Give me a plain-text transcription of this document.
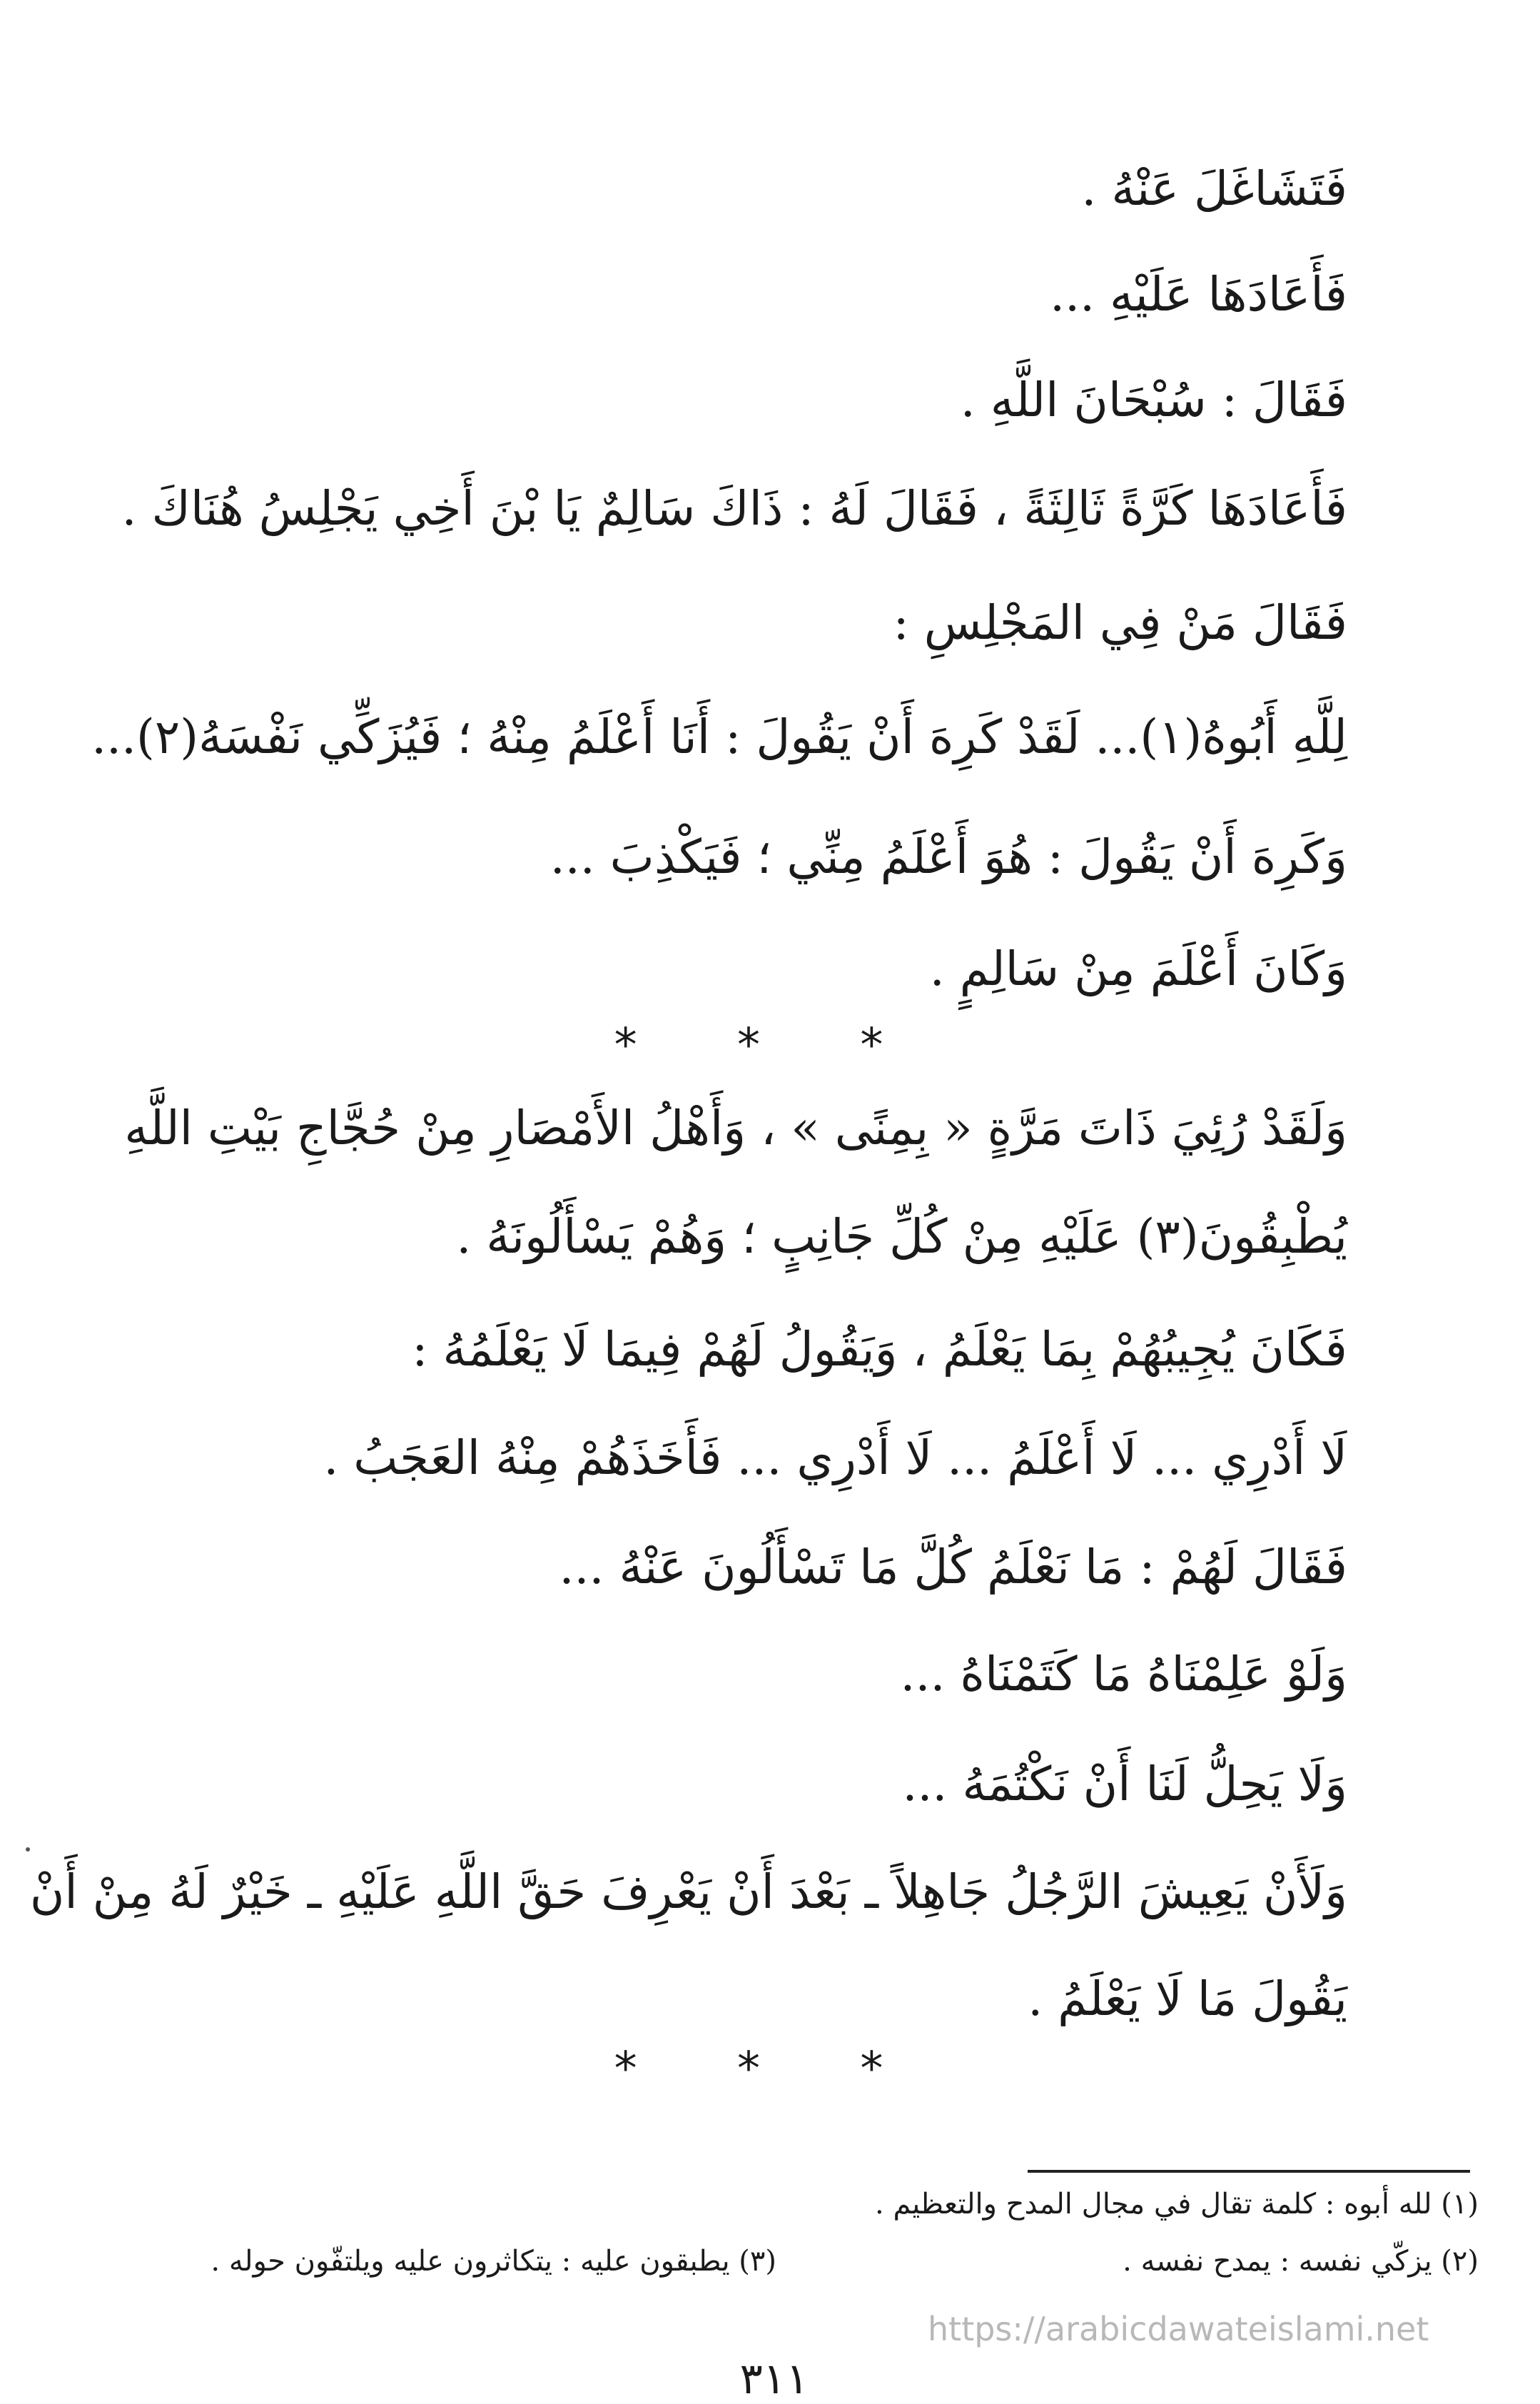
فَتَشَاغَلَ عَنْهُ .
فَأَعَادَهَا عَلَيْهِ ...
فَقَالَ : سُبْحَانَ اللَّهِ .
فَأَعَادَهَا كَرَّةً ثَالِثَةً ، فَقَالَ لَهُ : ذَاكَ سَالِمٌ يَا بْنَ أَخِي يَجْلِسُ هُنَاكَ .
فَقَالَ مَنْ فِي المَجْلِسِ :
لِلَّهِ أَبُوهُ(١)... لَقَدْ كَرِهَ أَنْ يَقُولَ : أَنَا أَعْلَمُ مِنْهُ ؛ فَيُزَكِّي نَفْسَهُ(٢)...
وَكَرِهَ أَنْ يَقُولَ : هُوَ أَعْلَمُ مِنِّي ؛ فَيَكْذِبَ ...
وَكَانَ أَعْلَمَ مِنْ سَالِمٍ .
* * *
وَلَقَدْ رُئِيَ ذَاتَ مَرَّةٍ « بِمِنًى » ، وَأَهْلُ الأَمْصَارِ مِنْ حُجَّاجِ بَيْتِ اللَّهِ
يُطْبِقُونَ(٣) عَلَيْهِ مِنْ كُلِّ جَانِبٍ ؛ وَهُمْ يَسْأَلُونَهُ .
فَكَانَ يُجِيبُهُمْ بِمَا يَعْلَمُ ، وَيَقُولُ لَهُمْ فِيمَا لَا يَعْلَمُهُ :
لَا أَدْرِي ... لَا أَعْلَمُ ... لَا أَدْرِي ... فَأَخَذَهُمْ مِنْهُ العَجَبُ .
فَقَالَ لَهُمْ : مَا نَعْلَمُ كُلَّ مَا تَسْأَلُونَ عَنْهُ ...
وَلَوْ عَلِمْنَاهُ مَا كَتَمْنَاهُ ...
وَلَا يَحِلُّ لَنَا أَنْ نَكْتُمَهُ ...
وَلَأَنْ يَعِيشَ الرَّجُلُ جَاهِلاً ـ بَعْدَ أَنْ يَعْرِفَ حَقَّ اللَّهِ عَلَيْهِ ـ خَيْرٌ لَهُ مِنْ أَنْ
يَقُولَ مَا لَا يَعْلَمُ .
* * *
(١) لله أبوه : كلمة تقال في مجال المدح والتعظيم .
(٢) يزكّي نفسه : يمدح نفسه .
(٣) يطبقون عليه : يتكاثرون عليه ويلتفّون حوله .
https://arabicdawateislami.net
٣١١
